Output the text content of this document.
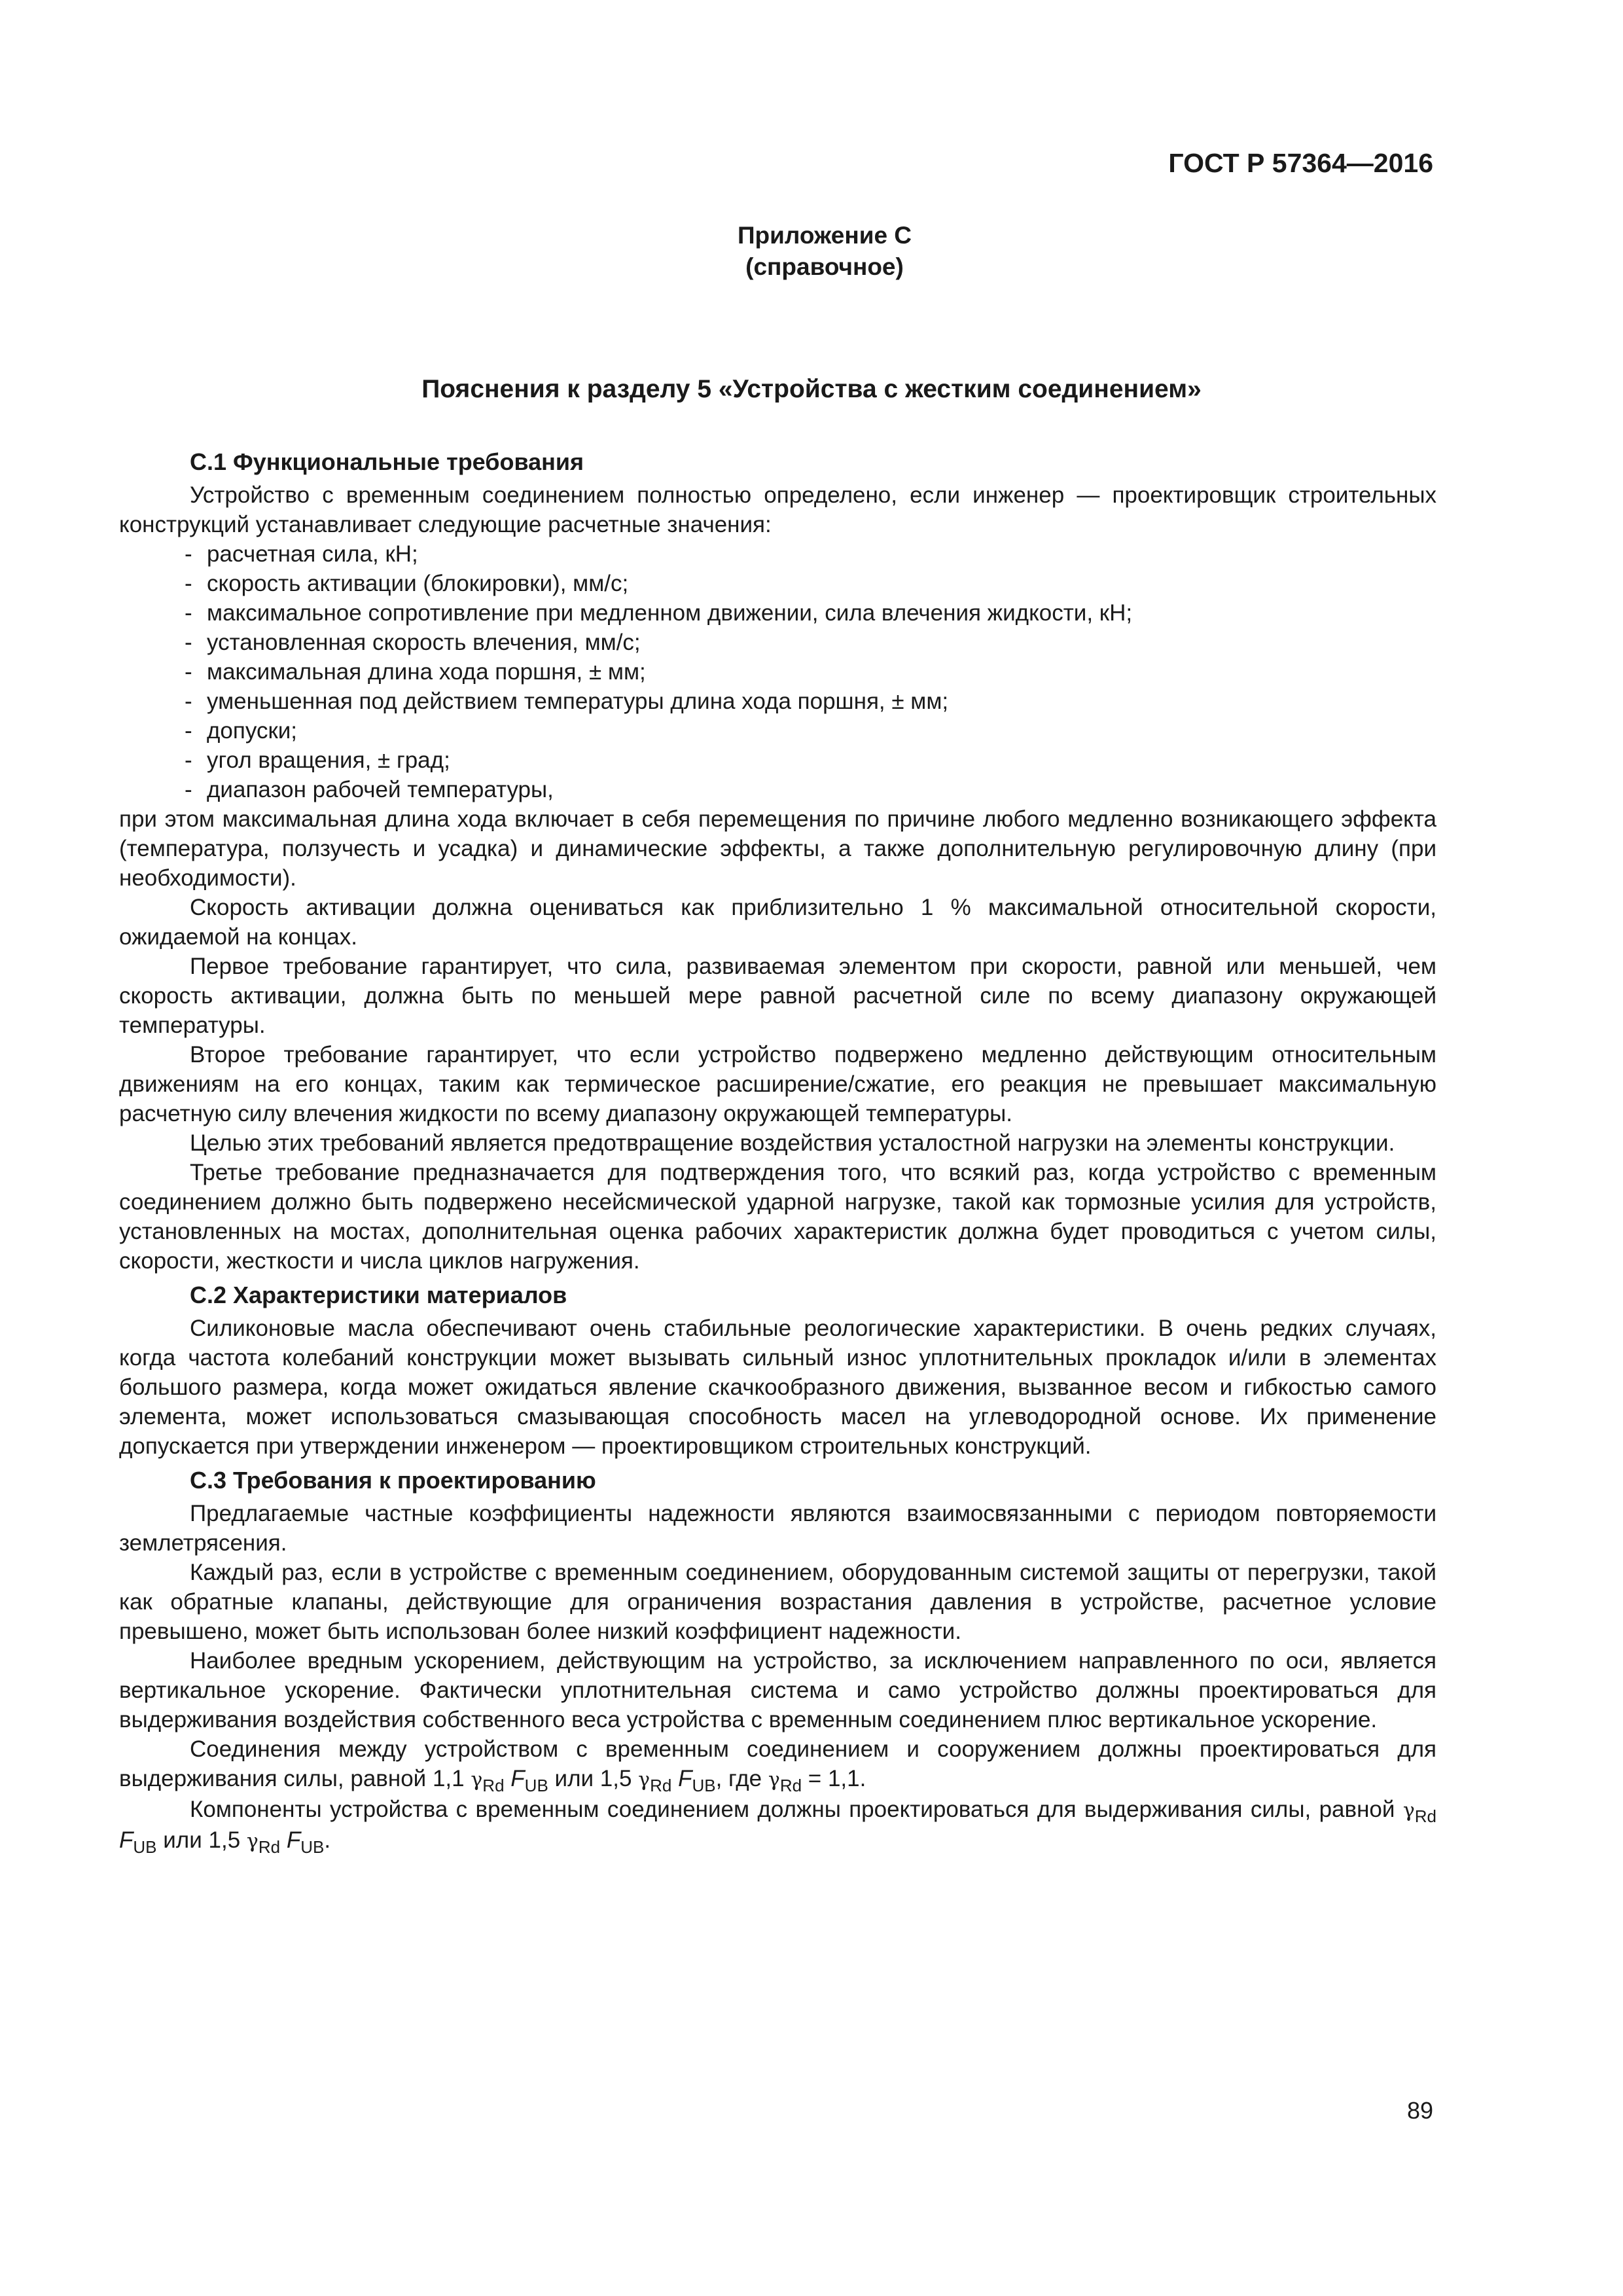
ГОСТ Р 57364—2016
Приложение С
(справочное)
Пояснения к разделу 5 «Устройства с жестким соединением»
С.1 Функциональные требования
Устройство с временным соединением полностью определено, если инженер — проектировщик строительных конструкций устанавливает следующие расчетные значения:
- расчетная сила, кН;
- скорость активации (блокировки), мм/с;
- максимальное сопротивление при медленном движении, сила влечения жидкости, кН;
- установленная скорость влечения, мм/с;
- максимальная длина хода поршня, ± мм;
- уменьшенная под действием температуры длина хода поршня, ± мм;
- допуски;
- угол вращения, ± град;
- диапазон рабочей температуры,
при этом максимальная длина хода включает в себя перемещения по причине любого медленно возникающего эффекта (температура, ползучесть и усадка) и динамические эффекты, а также дополнительную регулировочную длину (при необходимости).
Скорость активации должна оцениваться как приблизительно 1 % максимальной относительной скорости, ожидаемой на концах.
Первое требование гарантирует, что сила, развиваемая элементом при скорости, равной или меньшей, чем скорость активации, должна быть по меньшей мере равной расчетной силе по всему диапазону окружающей температуры.
Второе требование гарантирует, что если устройство подвержено медленно действующим относительным движениям на его концах, таким как термическое расширение/сжатие, его реакция не превышает максимальную расчетную силу влечения жидкости по всему диапазону окружающей температуры.
Целью этих требований является предотвращение воздействия усталостной нагрузки на элементы конструкции.
Третье требование предназначается для подтверждения того, что всякий раз, когда устройство с временным соединением должно быть подвержено несейсмической ударной нагрузке, такой как тормозные усилия для устройств, установленных на мостах, дополнительная оценка рабочих характеристик должна будет проводиться с учетом силы, скорости, жесткости и числа циклов нагружения.
С.2 Характеристики материалов
Силиконовые масла обеспечивают очень стабильные реологические характеристики. В очень редких случаях, когда частота колебаний конструкции может вызывать сильный износ уплотнительных прокладок и/или в элементах большого размера, когда может ожидаться явление скачкообразного движения, вызванное весом и гибкостью самого элемента, может использоваться смазывающая способность масел на углеводородной основе. Их применение допускается при утверждении инженером — проектировщиком строительных конструкций.
С.3 Требования к проектированию
Предлагаемые частные коэффициенты надежности являются взаимосвязанными с периодом повторяемости землетрясения.
Каждый раз, если в устройстве с временным соединением, оборудованным системой защиты от перегрузки, такой как обратные клапаны, действующие для ограничения возрастания давления в устройстве, расчетное условие превышено, может быть использован более низкий коэффициент надежности.
Наиболее вредным ускорением, действующим на устройство, за исключением направленного по оси, является вертикальное ускорение. Фактически уплотнительная система и само устройство должны проектироваться для выдерживания воздействия собственного веса устройства с временным соединением плюс вертикальное ускорение.
Соединения между устройством с временным соединением и сооружением должны проектироваться для выдерживания силы, равной 1,1 $\gamma_{Rd}$ $F_{UB}$ или 1,5 $\gamma_{Rd}$ $F_{UB}$, где $\gamma_{Rd} = 1,1$.
Компоненты устройства с временным соединением должны проектироваться для выдерживания силы, равной $\gamma_{Rd}$ $F_{UB}$ или 1,5 $\gamma_{Rd}$ $F_{UB}$.
89
